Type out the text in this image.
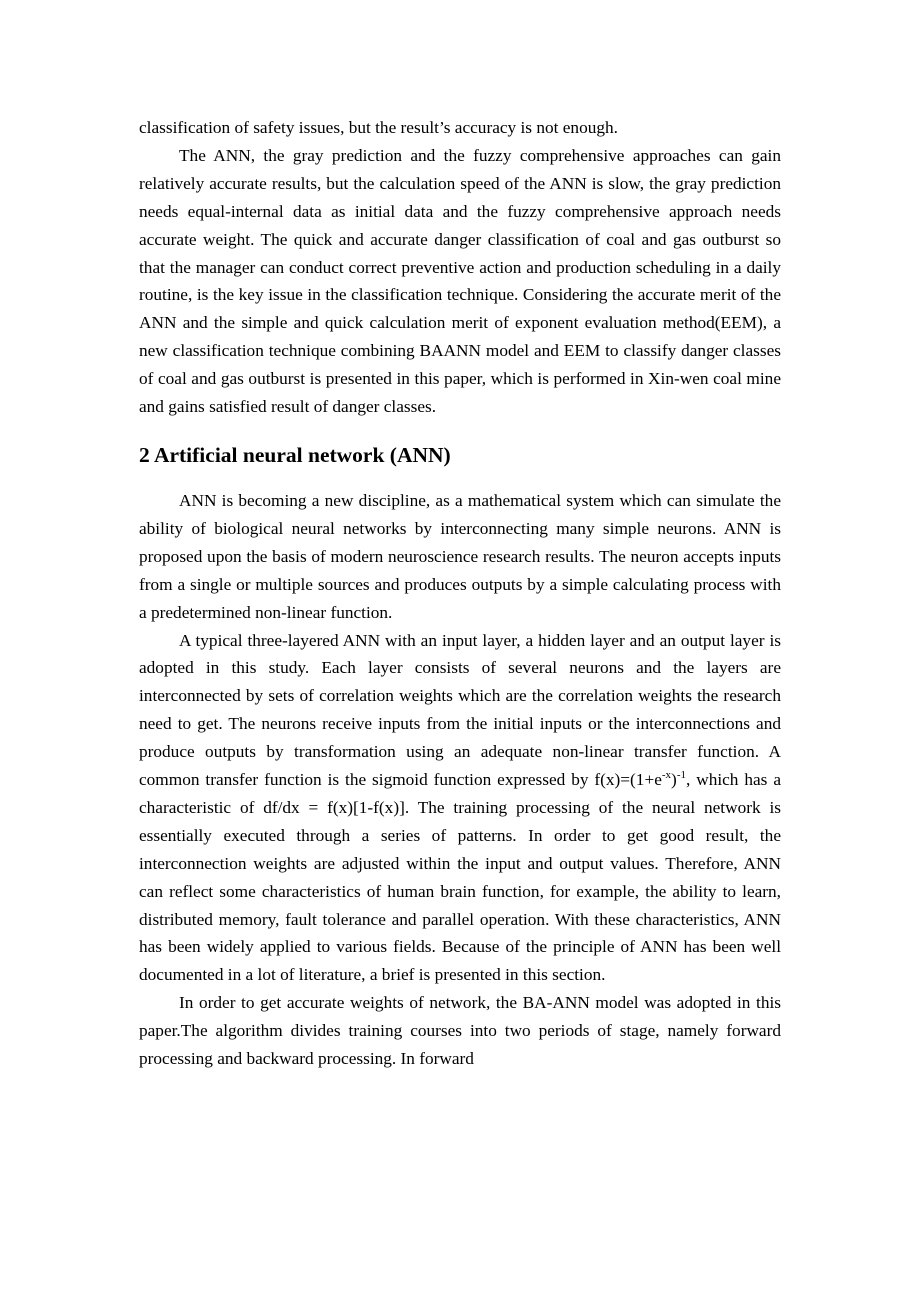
classification of safety issues, but the result’s accuracy is not enough.

The ANN, the gray prediction and the fuzzy comprehensive approaches can gain relatively accurate results, but the calculation speed of the ANN is slow, the gray prediction needs equal-internal data as initial data and the fuzzy comprehensive approach needs accurate weight. The quick and accurate danger classification of coal and gas outburst so that the manager can conduct correct preventive action and production scheduling in a daily routine, is the key issue in the classification technique. Considering the accurate merit of the ANN and the simple and quick calculation merit of exponent evaluation method(EEM), a new classification technique combining BAANN model and EEM to classify danger classes of coal and gas outburst is presented in this paper, which is performed in Xin-wen coal mine and gains satisfied result of danger classes.

2 Artificial neural network (ANN)

ANN is becoming a new discipline, as a mathematical system which can simulate the ability of biological neural networks by interconnecting many simple neurons. ANN is proposed upon the basis of modern neuroscience research results. The neuron accepts inputs from a single or multiple sources and produces outputs by a simple calculating process with a predetermined non-linear function.

A typical three-layered ANN with an input layer, a hidden layer and an output layer is adopted in this study. Each layer consists of several neurons and the layers are interconnected by sets of correlation weights which are the correlation weights the research need to get. The neurons receive inputs from the initial inputs or the interconnections and produce outputs by transformation using an adequate non-linear transfer function. A common transfer function is the sigmoid function expressed by $f(x)=(1+e^{-x})^{-1}$, which has a characteristic of df/dx = f(x)[1-f(x)]. The training processing of the neural network is essentially executed through a series of patterns. In order to get good result, the interconnection weights are adjusted within the input and output values. Therefore, ANN can reflect some characteristics of human brain function, for example, the ability to learn, distributed memory, fault tolerance and parallel operation. With these characteristics, ANN has been widely applied to various fields. Because of the principle of ANN has been well documented in a lot of literature, a brief is presented in this section.

In order to get accurate weights of network, the BA-ANN model was adopted in this paper.The algorithm divides training courses into two periods of stage, namely forward processing and backward processing. In forward
